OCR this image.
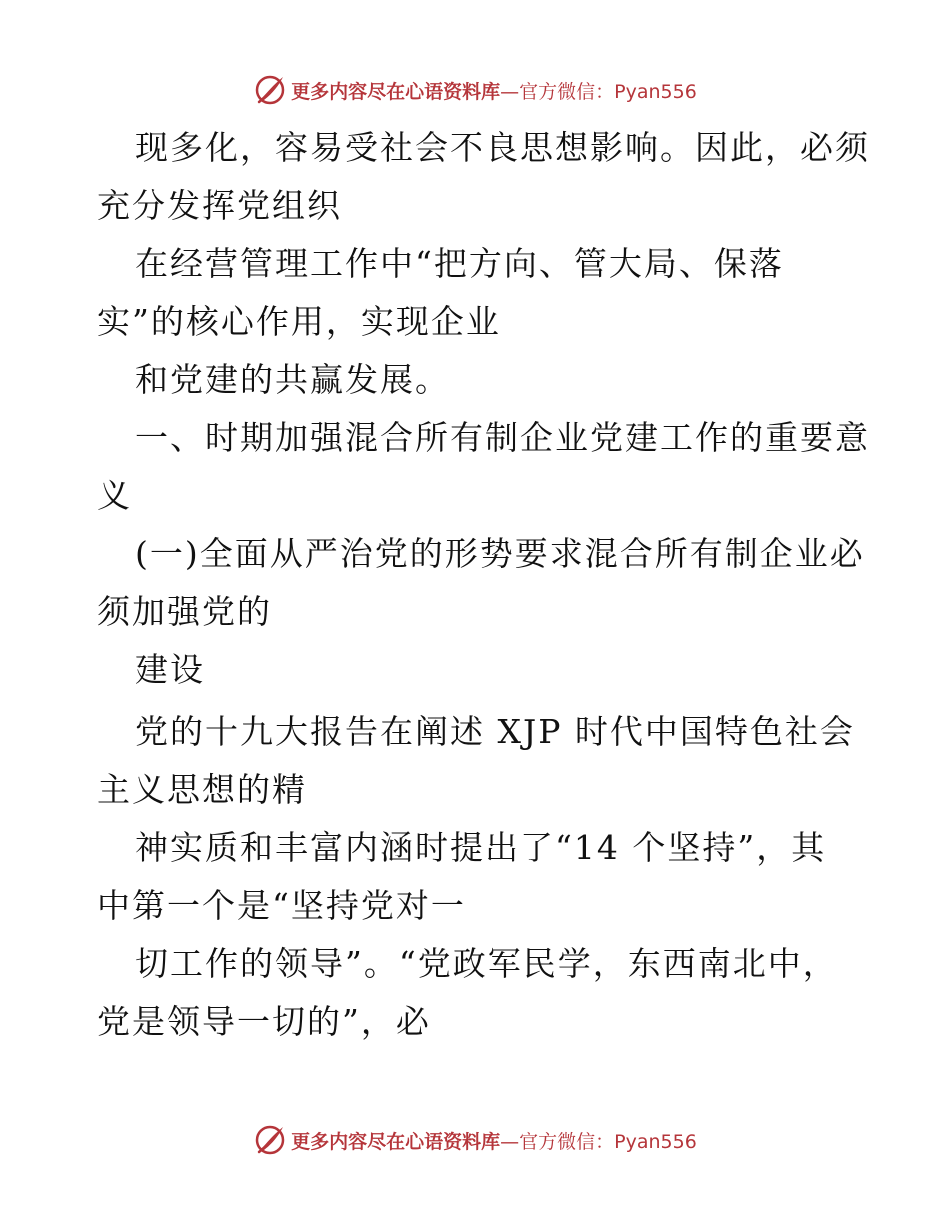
更多内容尽在心语资料库—官方微信：Pyan556
现多化，容易受社会不良思想影响。因此，必须
充分发挥党组织
在经营管理工作中“把方向、管大局、保落
实”的核心作用，实现企业
和党建的共赢发展。
一、时期加强混合所有制企业党建工作的重要意
义
(一)全面从严治党的形势要求混合所有制企业必
须加强党的
建设
党的十九大报告在阐述 XJP 时代中国特色社会
主义思想的精
神实质和丰富内涵时提出了“14 个坚持”，其
中第一个是“坚持党对一
切工作的领导”。“党政军民学，东西南北中，
党是领导一切的”，必
更多内容尽在心语资料库—官方微信：Pyan556
